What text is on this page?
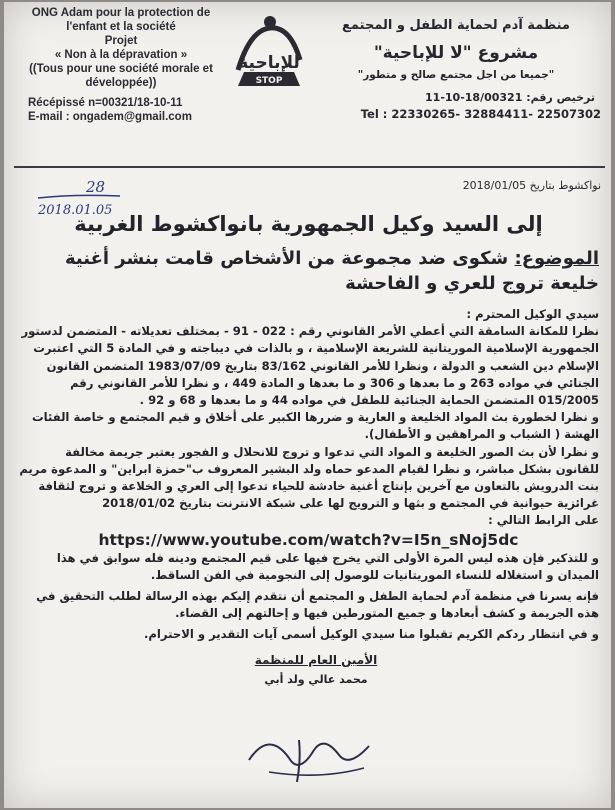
ONG Adam pour la protection de
l'enfant et la société
Projet
« Non à la dépravation »
((Tous pour une société morale et développée))
Récépissé n=00321/18-10-11
E-mail : ongadem@gmail.com
للإباحية
STOP
منظمة آدم لحماية الطفل و المجتمع
مشروع "لا للإباحية"
"جميعا من اجل مجتمع صالح و متطور"
ترخيص رقم: 11-10-18/00321
Tel : 22330265- 32884411- 22507302
نواكشوط بتاريخ 2018/01/05
28
2018.01.05
إلى السيد وكيل الجمهورية بانواكشوط الغربية
الموضوع: شكوى ضد مجموعة من الأشخاص قامت بنشر أغنية خليعة تروج للعري و الفاحشة

سيدي الوكيل المحترم :

نظرا للمكانة السامقة التي أعطي الأمر القانوني رقم : 022 - 91 - بمختلف تعديلاته - المتضمن لدستور الجمهورية الإسلامية الموريتانية للشريعة الإسلامية ، و بالذات في ديباجته و في المادة 5 التي اعتبرت الإسلام دين الشعب و الدولة ، ونظرا للأمر القانوني 83/162 بتاريخ 1983/07/09 المتضمن القانون الجنائي في مواده 263 و ما بعدها و 306 و ما بعدها و المادة 449 ، و نظرا للأمر القانوني رقم 015/2005 المتضمن الحماية الجنائية للطفل في مواده 44 و ما بعدها و 68 و 92 .

و نظرا لخطورة بث المواد الخليعة و العارية و ضررها الكبير على أخلاق و قيم المجتمع و خاصة الفئات الهشة ( الشباب و المراهقين و الأطفال).

و نظرا لأن بث الصور الخليعة و المواد التي تدعوا و تروج للانحلال و الفجور يعتبر جريمة مخالفة للقانون بشكل مباشر، و نظرا لقيام المدعو حماه ولد البشير المعروف ب"حمزة ابراين" و المدعوة مريم بنت الدرويش بالتعاون مع آخرين بإنتاج أغنية خادشة للحياء تدعوا إلى العري و الخلاعة و تروج لثقافة غرائزية حيوانية في المجتمع و بثها و الترويج لها على شبكة الانترنت بتاريخ 2018/01/02

على الرابط التالي :

https://www.youtube.com/watch?v=I5n_sNoj5dc

و للتذكير فإن هذه ليس المرة الأولى التي يخرج فيها على قيم المجتمع ودينه فله سوابق في هذا الميدان و استغلاله للنساء الموريتانيات للوصول إلى النجومية في الفن الساقط.

فإنه يسرنا في منظمة آدم لحماية الطفل و المجتمع أن نتقدم إليكم بهذه الرسالة لطلب التحقيق في هذه الجريمة و كشف أبعادها و جميع المتورطين فيها و إحالتهم إلى القضاء.

و في انتظار ردكم الكريم تقبلوا منا سيدي الوكيل أسمى آيات التقدير و الاحترام.

الأمين العام للمنظمة
محمد عالي ولد أبي
